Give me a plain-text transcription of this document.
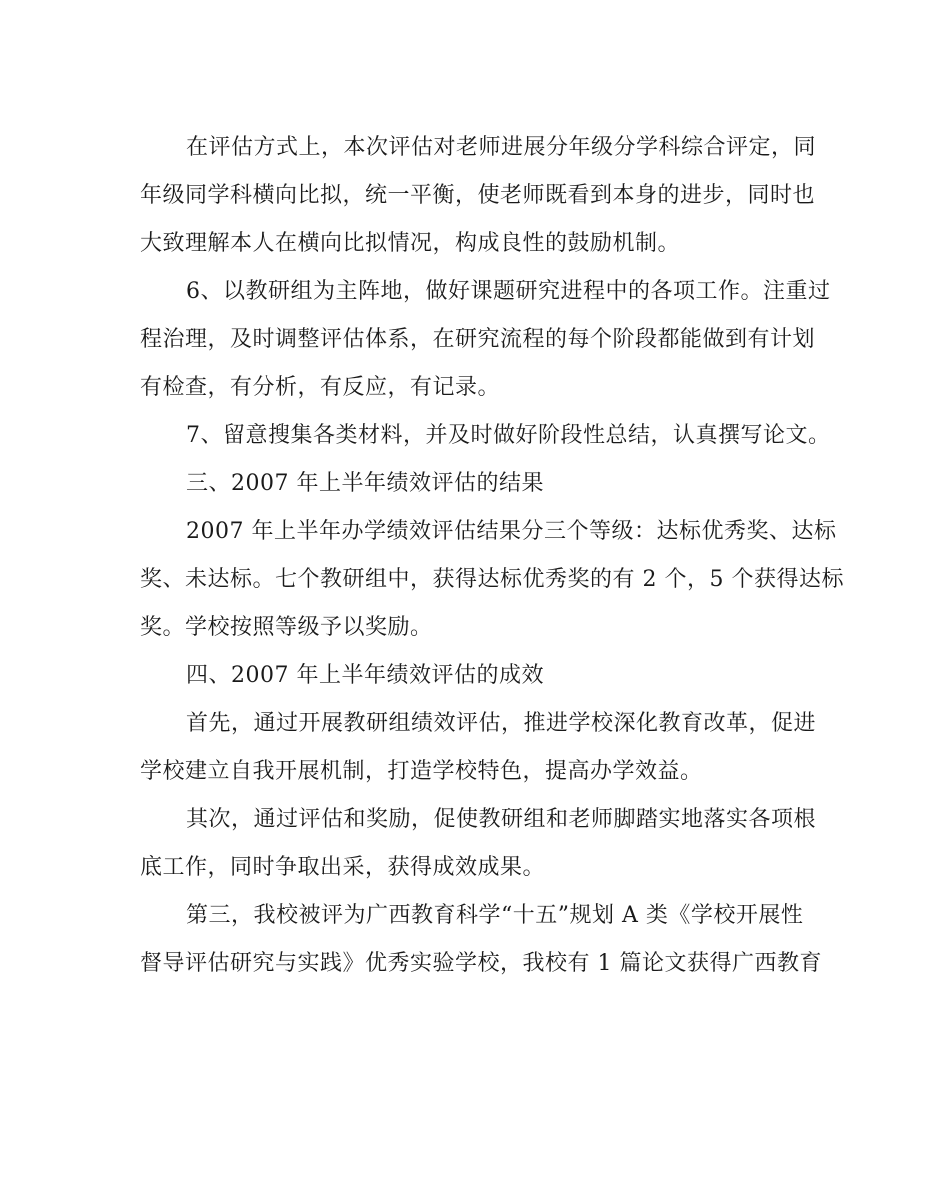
在评估方式上，本次评估对老师进展分年级分学科综合评定，同
年级同学科横向比拟，统一平衡，使老师既看到本身的进步，同时也
大致理解本人在横向比拟情况，构成良性的鼓励机制。
6、以教研组为主阵地，做好课题研究进程中的各项工作。注重过
程治理，及时调整评估体系，在研究流程的每个阶段都能做到有计划
有检查，有分析，有反应，有记录。
7、留意搜集各类材料，并及时做好阶段性总结，认真撰写论文。
三、2007 年上半年绩效评估的结果
2007 年上半年办学绩效评估结果分三个等级：达标优秀奖、达标
奖、未达标。七个教研组中，获得达标优秀奖的有 2 个，5 个获得达标
奖。学校按照等级予以奖励。
四、2007 年上半年绩效评估的成效
首先，通过开展教研组绩效评估，推进学校深化教育改革，促进
学校建立自我开展机制，打造学校特色，提高办学效益。
其次，通过评估和奖励，促使教研组和老师脚踏实地落实各项根
底工作，同时争取出采，获得成效成果。
第三，我校被评为广西教育科学“十五”规划 A 类《学校开展性
督导评估研究与实践》优秀实验学校，我校有 1 篇论文获得广西教育
